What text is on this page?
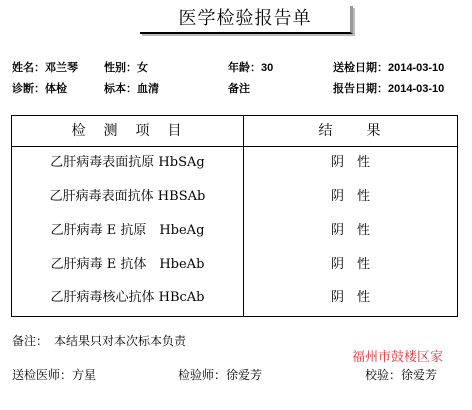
医学检验报告单
姓名：邓兰琴 性别：女	年龄：30	送检日期：2014-03-10
诊断：体检	标本：血清	备注	报告日期：2014-03-10
检　测　项　目	结　　果
乙肝病毒表面抗原 HbSAg	阴　性
乙肝病毒表面抗体 HBSAb	阴　性
乙肝病毒 E 抗原　HbeAg	阴　性
乙肝病毒 E 抗体　HbeAb	阴　性
乙肝病毒核心抗体 HBcAb	阴　性
备注：　本结果只对本次标本负责
福州市鼓楼区家
送检医师：方星	检验师：徐爱芳	校验：徐爱芳
